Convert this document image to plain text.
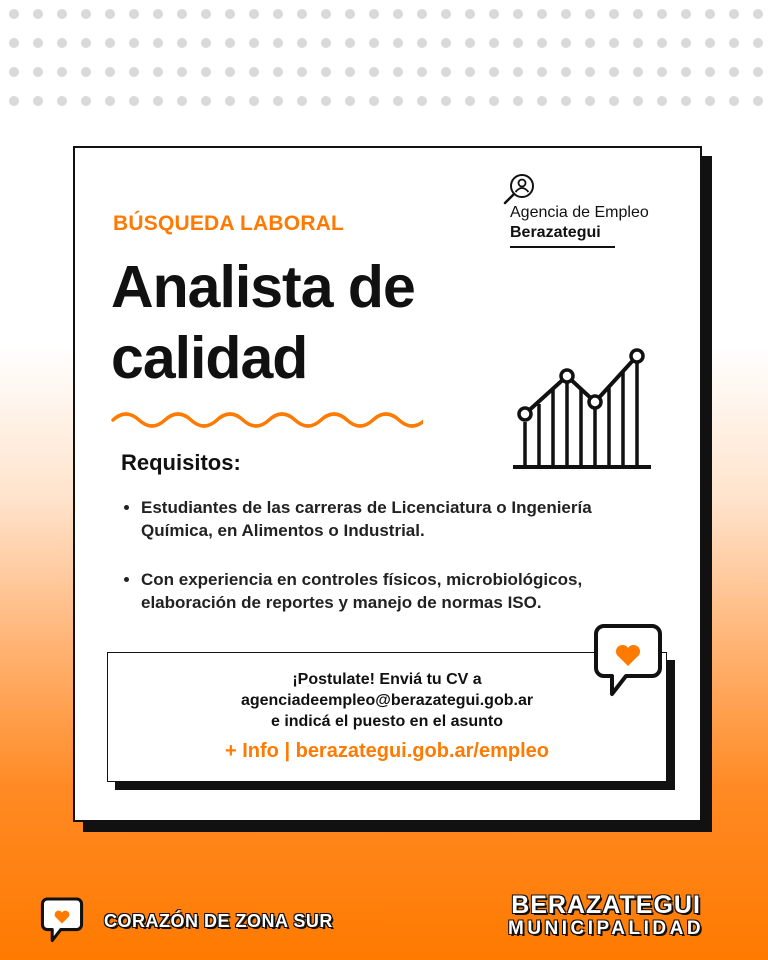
BÚSQUEDA LABORAL
Analista de
calidad
Agencia de Empleo
Berazategui
Requisitos:
• Estudiantes de las carreras de Licenciatura o Ingeniería Química, en Alimentos o Industrial.
• Con experiencia en controles físicos, microbiológicos, elaboración de reportes y manejo de normas ISO.
¡Postulate! Enviá tu CV a
agenciadeempleo@berazategui.gob.ar
e indicá el puesto en el asunto
+ Info | berazategui.gob.ar/empleo
CORAZÓN DE ZONA SUR
BERAZATEGUI
MUNICIPALIDAD
